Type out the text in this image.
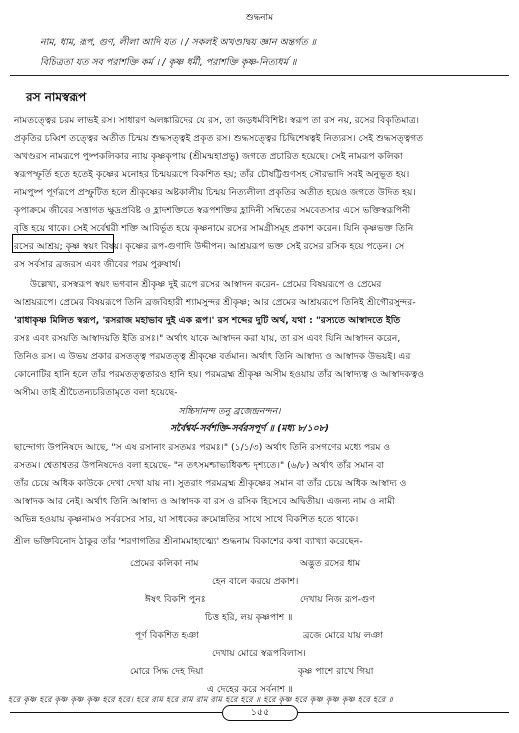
শুদ্ধনাম
নাম, ধাম, রূপ, গুণ, লীলা আদি যত । / সকলই অখণ্ডাদ্বয় জ্ঞান অন্তর্গত ॥
বিচিত্রতা যত সব পরাশক্তি কর্ম । / কৃষ্ণ ধর্মী, পরাশক্তি কৃষ্ণ-নিত্যধর্ম ॥
রস নামস্বরূপ
নামতত্ত্বের চরম লাভই রস। সাধারণ অলঙ্কারিদের যে রস, তা জড়ধর্মবিশিষ্ট। স্বরূপ তা রস নয়, রসের বিকৃতিমাত্র।
প্রকৃতির চব্বিশ তত্ত্বের অতীত চিন্ময় শুদ্ধসত্ত্বই প্রকৃত রস। শুদ্ধসত্ত্বের চিদ্বিশেষত্বই নিত্যরস। সেই শুদ্ধসত্ত্বগত
অখণ্ডরস নামরূপে পুষ্পকলিকার ন্যায় কৃষ্ণকৃপায় (শ্রীমন্মহাপ্রভু) জগতে প্রচারিত হয়েছে। সেই নামরূপ কলিকা
স্বরূপস্ফূর্তি হতে হতেই কৃষ্ণের মনোহর চিন্ময়রূপে বিকশিত হয়; তাঁর চৌষট্টিগুণসহ সৌরভাদি সবই অনুভূত হয়।
নামপুষ্প পূর্ণরূপে প্রস্ফুটিত হলে শ্রীকৃষ্ণের অষ্টকালীয় চিন্ময় নিত্যলীলা প্রকৃতির অতীত হয়েও জগতে উদিত হয়।
কৃপাক্রমে জীবের সত্তাগত ক্ষুদ্রপ্রবিষ্ট ও হ্লাদশক্তিতে স্বরূপশক্তির হ্লাদিনী সম্বিতের সমবেতসার এসে ভক্তিস্বরূপিনী
বৃত্তি হয়ে থাকে। সেই সর্বেশ্বরী শক্তি আবির্ভূত হয়ে কৃষ্ণনামে রসের সামগ্রীসমূহ প্রকাশ করেন। যিনি কৃষ্ণভক্ত তিনি
রসের আশ্রয়; কৃষ্ণ স্বয়ং বিষয়। কৃষ্ণের রূপ-গুণাদি উদ্দীপন। আশ্রয়রূপ ভক্ত সেই রসের রসিক হয়ে পড়েন। সে
রস সর্বসার ব্রজরস এবং জীবের পরম পুরুষার্থ।
উল্লেখ্য, রসস্বরূপ স্বয়ং ভগবান শ্রীকৃষ্ণ দুই রূপে রসের আস্বাদন করেন- প্রেমের বিষয়রূপে ও প্রেমের
আশ্রয়রূপে। প্রেমের বিষয়রূপে তিনি ব্রজবিহারী শ্যামসুন্দর শ্রীকৃষ্ণ; আর প্রেমের আশ্রয়রূপে তিনিই শ্রীগৌরসুন্দর-
'রাধাকৃষ্ণ মিলিত স্বরূপ, 'রসরাজ মহাভাব দুই এক রূপ।' রস শব্দের দুটি অর্থ, যথা : "রস্যতে আস্বাদতে ইতি
রসঃ এবং রসয়তি আস্বাদয়তি ইতি রসঃ।" অর্থাৎ যাকে আস্বাদন করা যায়, তা রস এবং যিনি আস্বাদন করেন,
তিনিও রস। এ উভয় প্রকার রসতত্ত্ব পরমতত্ত্ব শ্রীকৃষ্ণে বর্তমান। অর্থাৎ তিনি আস্বাদ্য ও আস্বাদক উভয়ই। এর
কোনোটির হানি হলে তাঁর পরমতত্ত্বতারও হানি হয়। পরমব্রহ্ম শ্রীকৃষ্ণ অসীম হওয়ায় তাঁর আস্বাদ্যত্ব ও আস্বাদকত্বও
অসীম। তাই শ্রীচৈতন্যচরিতামৃতে বলা হয়েছে-
সচ্চিদানন্দ তনু ব্রজেন্দ্রনন্দন।
সর্বৈশ্বর্য-সর্বশক্তি-সর্বরসপূর্ণ ॥ (মধ্য ৮/১০৮)
ছান্দোগ্য উপনিষদে আছে, "স এষ রসানাং রসতমঃ পরমঃ।" (১/১/৩) অর্থাৎ তিনি রসগণের মধ্যে পরম ও
রসতম। শ্বেতাশ্বতর উপনিষদেও বলা হয়েছে- "ন তৎসমশ্চাভ্যধিকশ্চ দৃশ্যতে।" (৬/৮) অর্থাৎ তাঁর সমান বা
তাঁর চেয়ে অধিক কাউকে দেখা দেখা যায় না। সুতরাং পরমব্রহ্ম শ্রীকৃষ্ণের সমান বা তাঁর চেয়ে অধিক আস্বাদ্য ও
আস্বাদক আর নেই। অর্থাৎ তিনি আস্বাদ্য ও আস্বাদক বা রস ও রসিক হিসেবে অদ্বিতীয়। এজন্য নাম ও নামী
অভিন্ন হওয়ায় কৃষ্ণনামও সর্বরসের সার, যা সাধকের ক্রমোন্নতির সাথে সাথে বিকশিত হতে থাকে।
শ্রীল ভক্তিবিনোদ ঠাকুর তাঁর 'শরণাগতির শ্রীনামমাহাত্ম্যে' শুদ্ধনাম বিকাশের কথা ব্যাখ্যা করেছেন-
প্রেমের কলিকা নাম	অদ্ভুত রসের ধাম
হেন বালে করয়ে প্রকাশ।
ঈষৎ বিকশি পুনঃ	দেখায় নিজ রূপ-গুণ
চিত্ত হরি, লয় কৃষ্ণপাশ ॥
পূর্ণ বিকশিত হঞা	ব্রজে মোরে যায় লঞা
দেখায় মোরে স্বরূপবিলাস।
মোরে সিদ্ধ দেহ দিয়া	কৃষ্ণ পাশে রাখে গিয়া
এ দেহের করে সর্বনাশ ॥
হরে কৃষ্ণ হরে কৃষ্ণ কৃষ্ণ কৃষ্ণ হরে হরে। হরে রাম হরে রাম রাম রাম হরে হরে ॥ হরে কৃষ্ণ হরে কৃষ্ণ কৃষ্ণ কৃষ্ণ হরে হরে ॥
১৫৫
